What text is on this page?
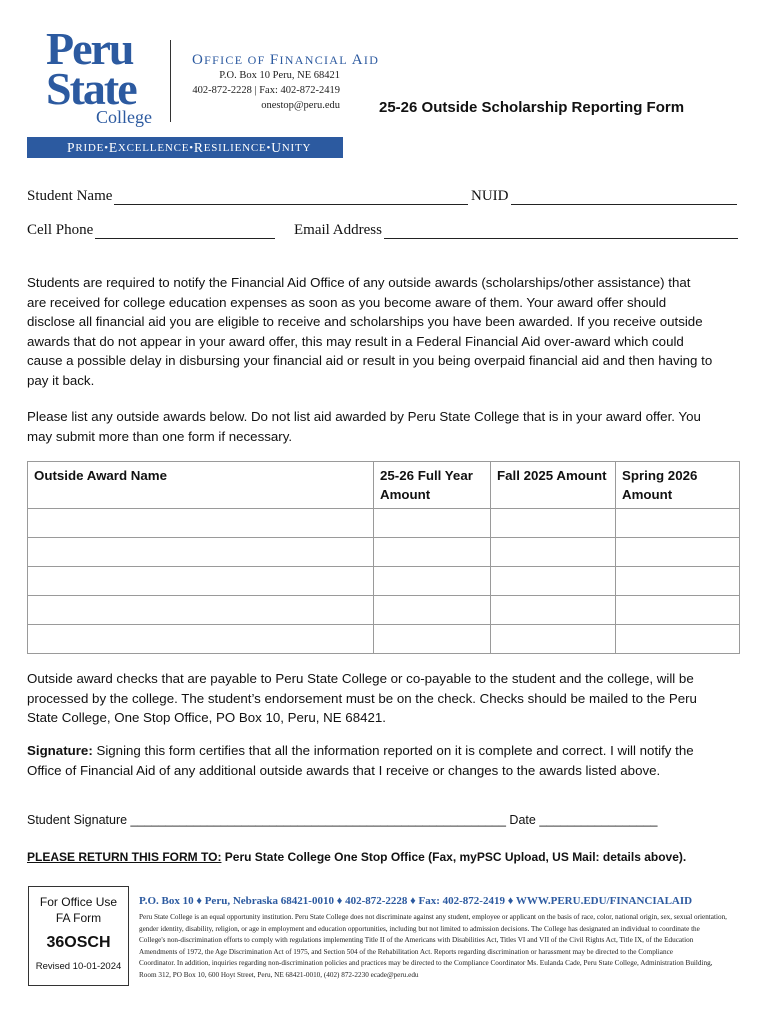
Peru
State
College
OFFICE OF FINANCIAL AID
P.O. Box 10 Peru, NE 68421
402-872-2228 | Fax: 402-872-2419
onestop@peru.edu	25-26 Outside Scholarship Reporting Form
P RIDE • E XCELLENCE • R ESILIENCE • U NITY
Student Name	NUID
Cell Phone	Email Address
Students are required to notify the Financial Aid Office of any outside awards (scholarships/other assistance) that
are received for college education expenses as soon as you become aware of them. Your award offer should
disclose all financial aid you are eligible to receive and scholarships you have been awarded. If you receive outside
awards that do not appear in your award offer, this may result in a Federal Financial Aid over-award which could
cause a possible delay in disbursing your financial aid or result in you being overpaid financial aid and then having to
pay it back.
Please list any outside awards below. Do not list aid awarded by Peru State College that is in your award offer. You
may submit more than one form if necessary.
Outside Award Name	25-26 Full Year Amount	Fall 2025 Amount	Spring 2026 Amount

Outside award checks that are payable to Peru State College or co-payable to the student and the college, will be
processed by the college. The student’s endorsement must be on the check. Checks should be mailed to the Peru
State College, One Stop Office, PO Box 10, Peru, NE 68421.
Signature: Signing this form certifies that all the information reported on it is complete and correct. I will notify the
Office of Financial Aid of any additional outside awards that I receive or changes to the awards listed above.
Student Signature ______________________________________________________ Date _________________
PLEASE RETURN THIS FORM TO: Peru State College One Stop Office (Fax, myPSC Upload, US Mail: details above).
For Office Use
FA Form
36OSCH
Revised 10-01-2024
P.O. Box 10 ♦ Peru, Nebraska 68421-0010 ♦ 402-872-2228 ♦ Fax: 402-872-2419 ♦ WWW.PERU.EDU/FINANCIALAID
Peru State College is an equal opportunity institution. Peru State College does not discriminate against any student, employee or applicant on the basis of race, color, national origin, sex, sexual orientation,
gender identity, disability, religion, or age in employment and education opportunities, including but not limited to admission decisions. The College has designated an individual to coordinate the
College's non-discrimination efforts to comply with regulations implementing Title II of the Americans with Disabilities Act, Titles VI and VII of the Civil Rights Act, Title IX, of the Education
Amendments of 1972, the Age Discrimination Act of 1975, and Section 504 of the Rehabilitation Act. Reports regarding discrimination or harassment may be directed to the Compliance
Coordinator. In addition, inquiries regarding non-discrimination policies and practices may be directed to the Compliance Coordinator Ms. Eulanda Cade, Peru State College, Administration Building,
Room 312, PO Box 10, 600 Hoyt Street, Peru, NE 68421-0010, (402) 872-2230 ecade@peru.edu
